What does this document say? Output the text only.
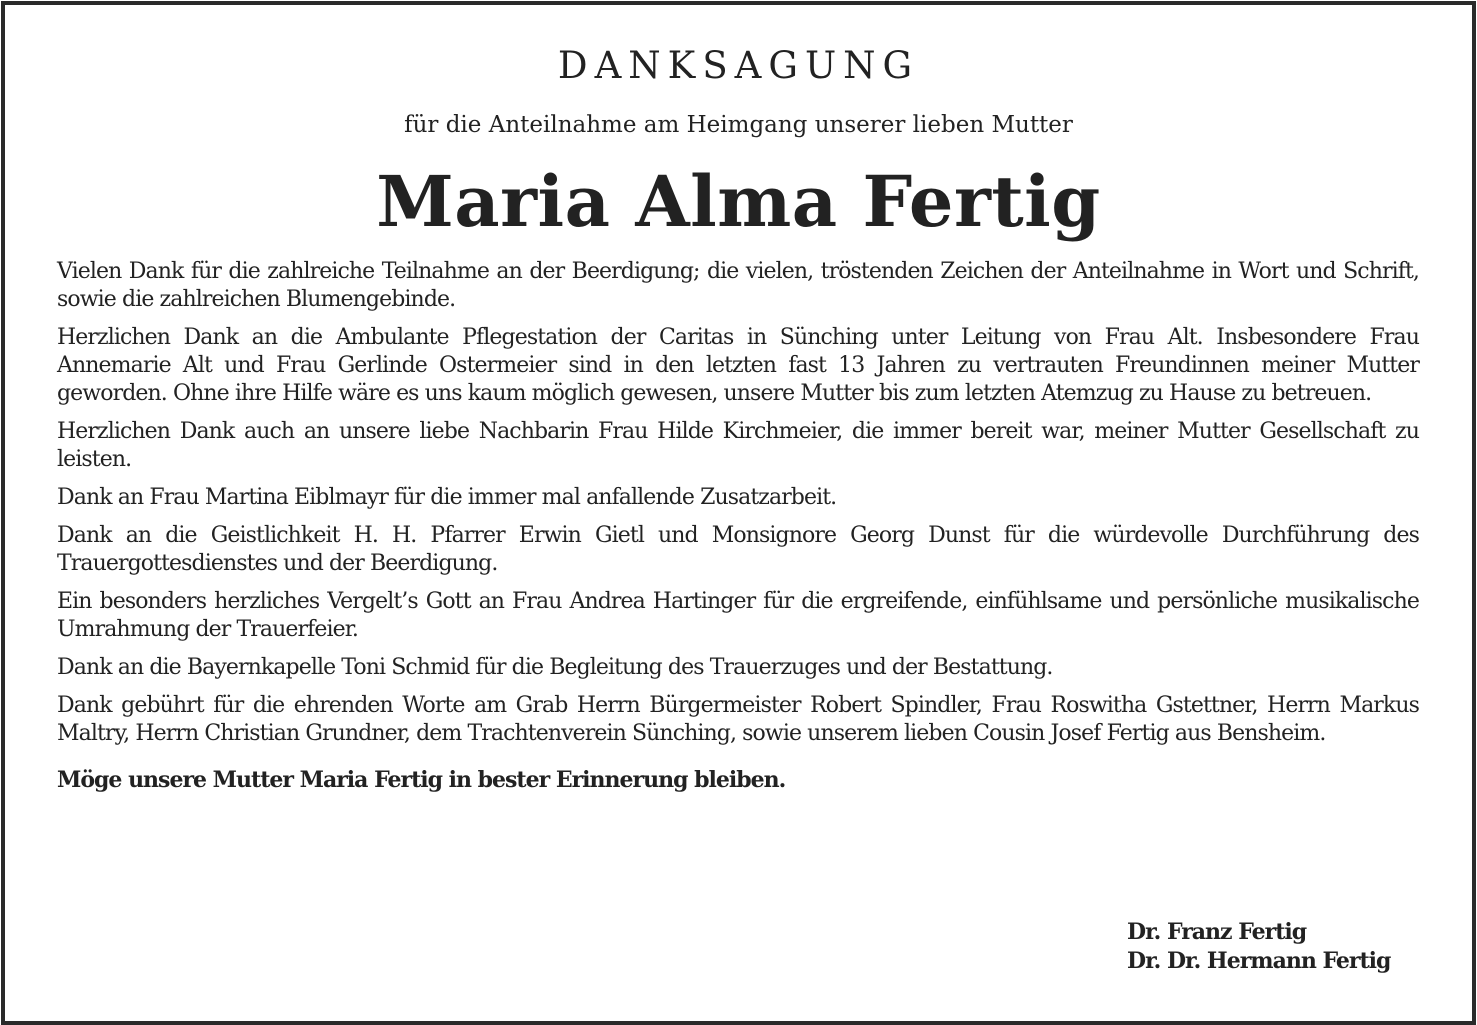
DANKSAGUNG
für die Anteilnahme am Heimgang unserer lieben Mutter
Maria Alma Fertig

Vielen Dank für die zahlreiche Teilnahme an der Beerdigung; die vielen, tröstenden Zeichen der Anteilnahme in Wort und Schrift, sowie die zahlreichen Blumengebinde.

Herzlichen Dank an die Ambulante Pflegestation der Caritas in Sünching unter Leitung von Frau Alt. Insbesondere Frau Annemarie Alt und Frau Gerlinde Ostermeier sind in den letzten fast 13 Jahren zu vertrauten Freundinnen meiner Mutter geworden. Ohne ihre Hilfe wäre es uns kaum möglich gewesen, unsere Mutter bis zum letzten Atemzug zu Hause zu betreuen.

Herzlichen Dank auch an unsere liebe Nachbarin Frau Hilde Kirchmeier, die immer bereit war, meiner Mutter Gesellschaft zu leisten.

Dank an Frau Martina Eiblmayr für die immer mal anfallende Zusatzarbeit.

Dank an die Geistlichkeit H. H. Pfarrer Erwin Gietl und Monsignore Georg Dunst für die würdevolle Durchführung des Trauergottesdienstes und der Beerdigung.

Ein besonders herzliches Vergelt’s Gott an Frau Andrea Hartinger für die ergreifende, einfühlsame und persönliche musikalische Umrahmung der Trauerfeier.

Dank an die Bayernkapelle Toni Schmid für die Begleitung des Trauerzuges und der Bestattung.

Dank gebührt für die ehrenden Worte am Grab Herrn Bürgermeister Robert Spindler, Frau Roswitha Gstettner, Herrn Markus Maltry, Herrn Christian Grundner, dem Trachtenverein Sünching, sowie unserem lieben Cousin Josef Fertig aus Bensheim.

Möge unsere Mutter Maria Fertig in bester Erinnerung bleiben.

Dr. Franz Fertig
Dr. Dr. Hermann Fertig
